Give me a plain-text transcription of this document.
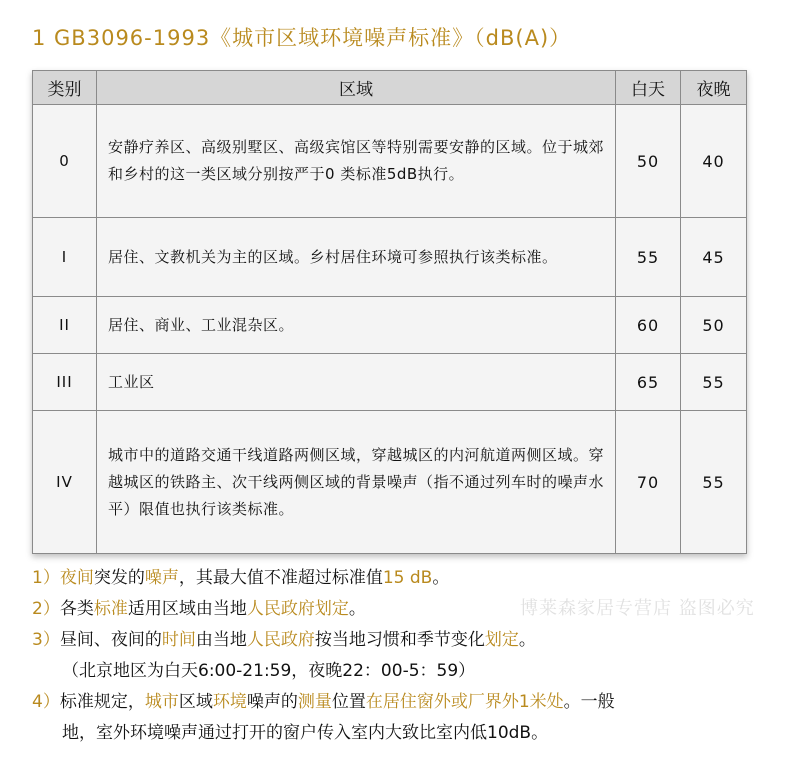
1 GB3096-1993《城市区域环境噪声标准》（dB(A)）
类别	区域	白天	夜晚
0	安静疗养区、高级别墅区、高级宾馆区等特别需要安静的区域。位于城郊和乡村的这一类区域分别按严于0 类标准5dB执行。	50	40
I	居住、文教机关为主的区域。乡村居住环境可参照执行该类标准。	55	45
II	居住、商业、工业混杂区。	60	50
III	工业区	65	55
IV	城市中的道路交通干线道路两侧区域，穿越城区的内河航道两侧区域。穿越城区的铁路主、次干线两侧区域的背景噪声（指不通过列车时的噪声水平）限值也执行该类标准。	70	55
1）夜间突发的噪声，其最大值不准超过标准值15 dB。
2）各类标准适用区域由当地人民政府划定。
3）昼间、夜间的时间由当地人民政府按当地习惯和季节变化划定。
（北京地区为白天6:00-21:59，夜晚22：00-5：59）
4）标准规定，城市区域环境噪声的测量位置在居住窗外或厂界外1米处。一般
地，室外环境噪声通过打开的窗户传入室内大致比室内低10dB。
博莱森家居专营店 盗图必究
